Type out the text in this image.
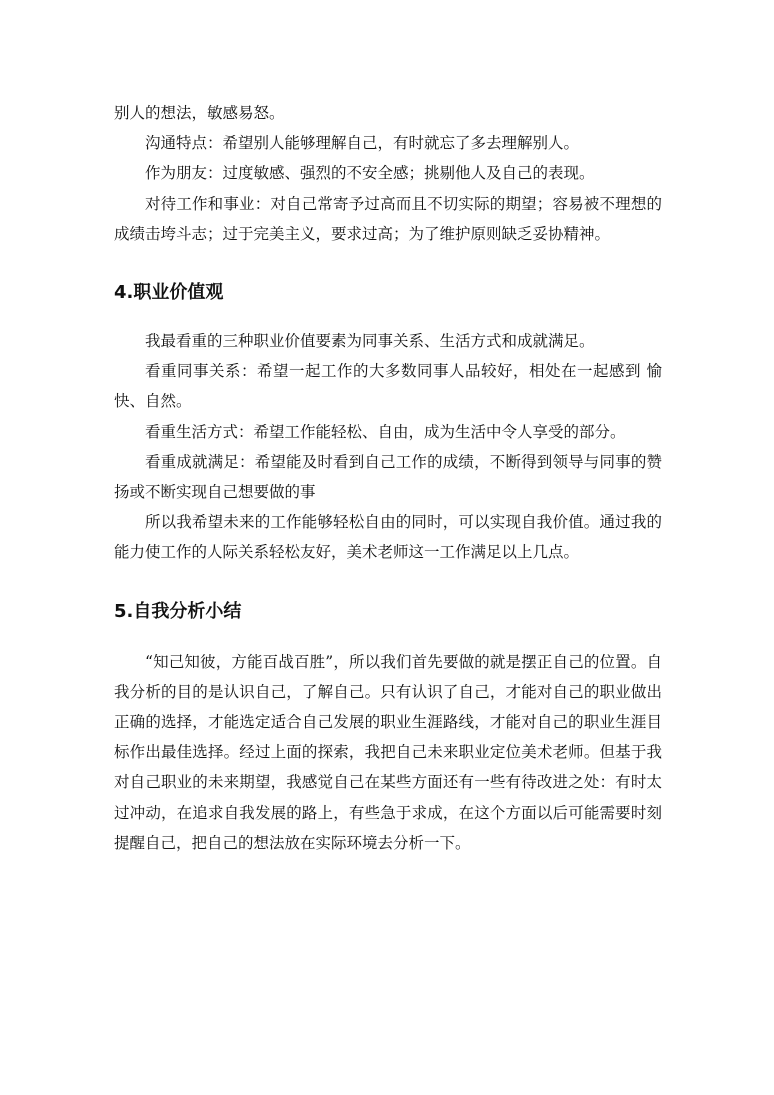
别人的想法，敏感易怒。

沟通特点：希望别人能够理解自己，有时就忘了多去理解别人。

作为朋友：过度敏感、强烈的不安全感；挑剔他人及自己的表现。

对待工作和事业：对自己常寄予过高而且不切实际的期望；容易被不理想的成绩击垮斗志；过于完美主义，要求过高；为了维护原则缺乏妥协精神。

4.职业价值观

我最看重的三种职业价值要素为同事关系、生活方式和成就满足。

看重同事关系：希望一起工作的大多数同事人品较好，相处在一起感到 愉快、自然。

看重生活方式：希望工作能轻松、自由，成为生活中令人享受的部分。

看重成就满足：希望能及时看到自己工作的成绩，不断得到领导与同事的赞扬或不断实现自己想要做的事

所以我希望未来的工作能够轻松自由的同时，可以实现自我价值。通过我的能力使工作的人际关系轻松友好，美术老师这一工作满足以上几点。

5.自我分析小结

“知己知彼，方能百战百胜”，所以我们首先要做的就是摆正自己的位置。自我分析的目的是认识自己，了解自己。只有认识了自己，才能对自己的职业做出正确的选择，才能选定适合自己发展的职业生涯路线，才能对自己的职业生涯目标作出最佳选择。经过上面的探索，我把自己未来职业定位美术老师。但基于我对自己职业的未来期望，我感觉自己在某些方面还有一些有待改进之处：有时太过冲动，在追求自我发展的路上，有些急于求成，在这个方面以后可能需要时刻提醒自己，把自己的想法放在实际环境去分析一下。
